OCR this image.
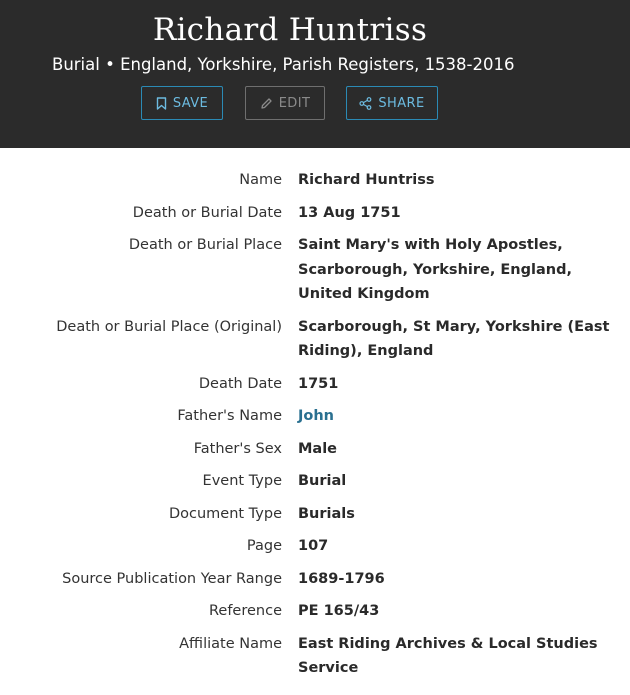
Richard Huntriss
Burial • England, Yorkshire, Parish Registers, 1538-2016
SAVE	EDIT	SHARE
Name Richard Huntriss
Death or Burial Date 13 Aug 1751
Death or Burial Place Saint Mary's with Holy Apostles, Scarborough, Yorkshire, England, United Kingdom
Death or Burial Place (Original) Scarborough, St Mary, Yorkshire (East Riding), England
Death Date 1751
Father's Name John
Father's Sex Male
Event Type Burial
Document Type Burials
Page 107
Source Publication Year Range 1689-1796
Reference PE 165/43
Affiliate Name East Riding Archives & Local Studies Service
